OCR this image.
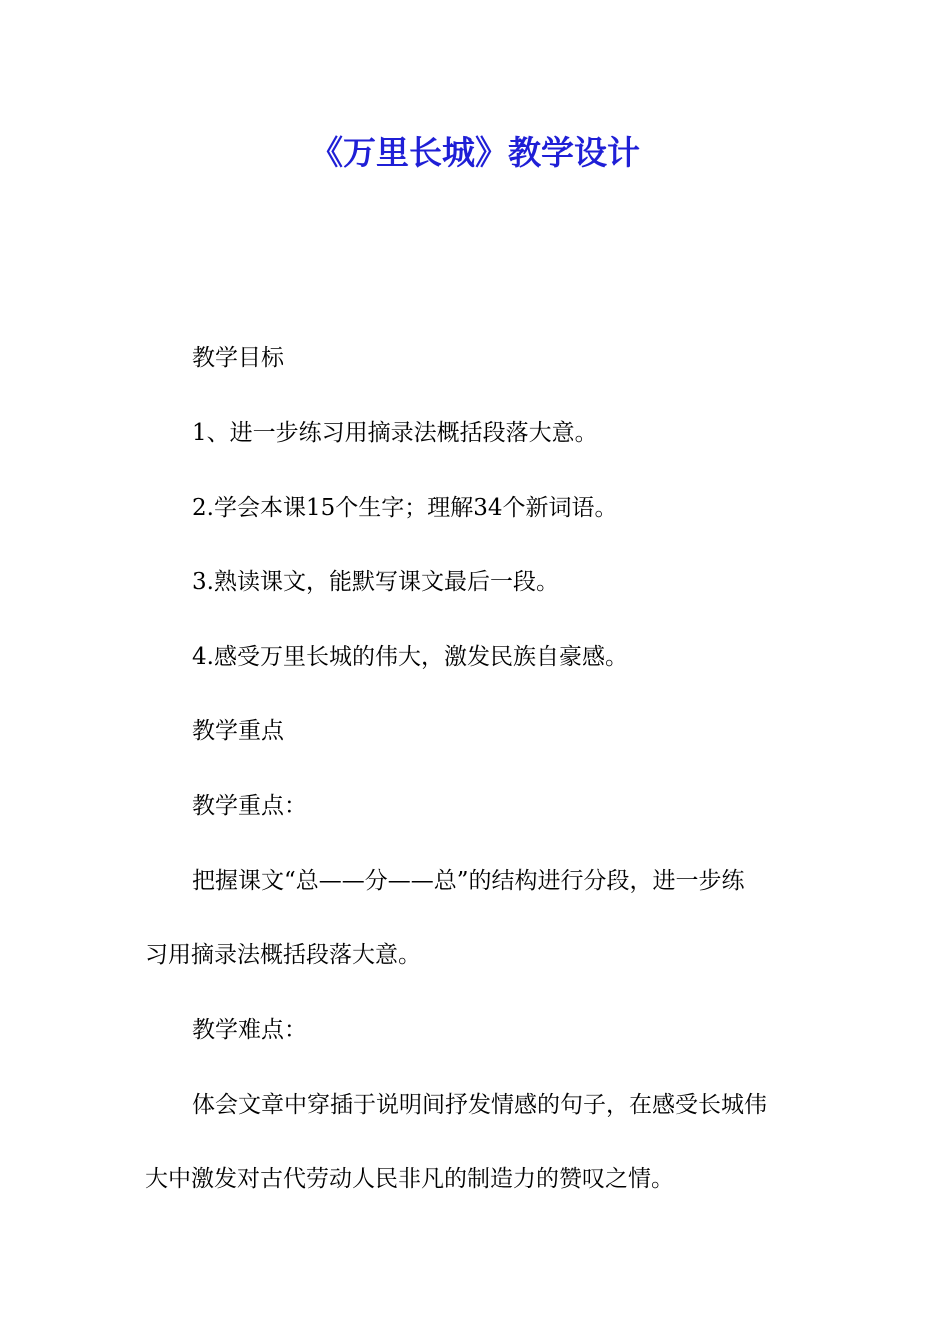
《万里长城》教学设计

教学目标

1、进一步练习用摘录法概括段落大意。

2.学会本课15个生字；理解34个新词语。

3.熟读课文，能默写课文最后一段。

4.感受万里长城的伟大，激发民族自豪感。

教学重点

教学重点：

把握课文“总——分——总”的结构进行分段，进一步练

习用摘录法概括段落大意。

教学难点：

体会文章中穿插于说明间抒发情感的句子，在感受长城伟

大中激发对古代劳动人民非凡的制造力的赞叹之情。
